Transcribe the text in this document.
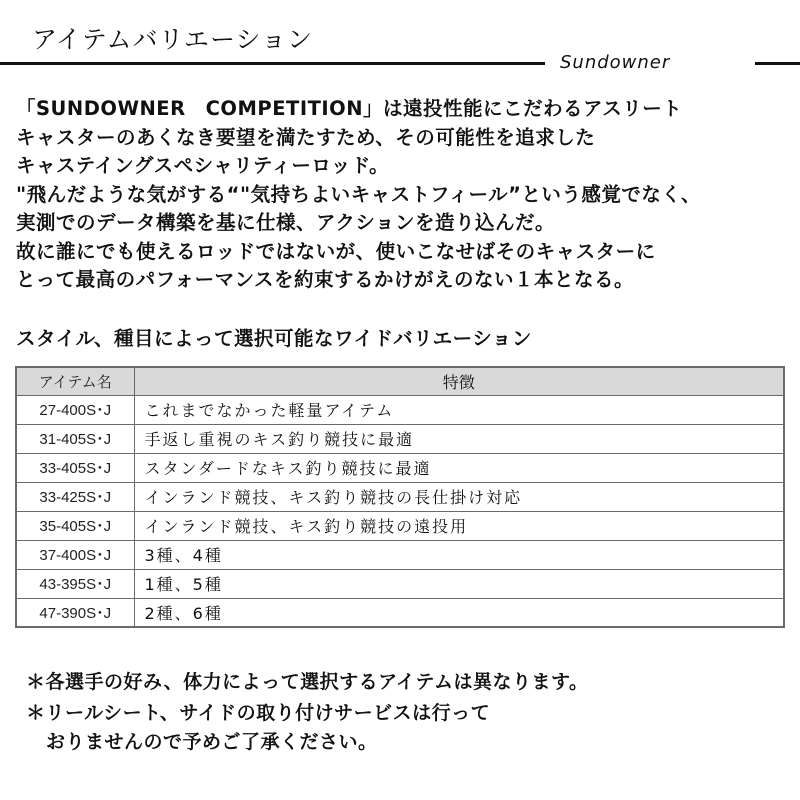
アイテムバリエーション
Sundowner

「SUNDOWNER　COMPETITION」は遠投性能にこだわるアスリート

キャスターのあくなき要望を満たすため、その可能性を追求した

キャステイングスペシャリティーロッド。

"飛んだような気がする“"気持ちよいキャストフィール”という感覚でなく、

実測でのデータ構築を基に仕様、アクションを造り込んだ。

故に誰にでも使えるロッドではないが、使いこなせばそのキャスターに

とって最高のパフォーマンスを約束するかけがえのない１本となる。

スタイル、種目によって選択可能なワイドバリエーション
アイテム名	特徴
27-400S･J	これまでなかった軽量アイテム
31-405S･J	手返し重視のキス釣り競技に最適
33-405S･J	スタンダードなキス釣り競技に最適
33-425S･J	インランド競技、キス釣り競技の長仕掛け対応
35-405S･J	インランド競技、キス釣り競技の遠投用
37-400S･J	3種、4種
43-395S･J	1種、5種
47-390S･J	2種、6種
＊各選手の好み、体力によって選択するアイテムは異なります。
＊リールシート、サイドの取り付けサービスは行って
おりませんので予めご了承ください。
